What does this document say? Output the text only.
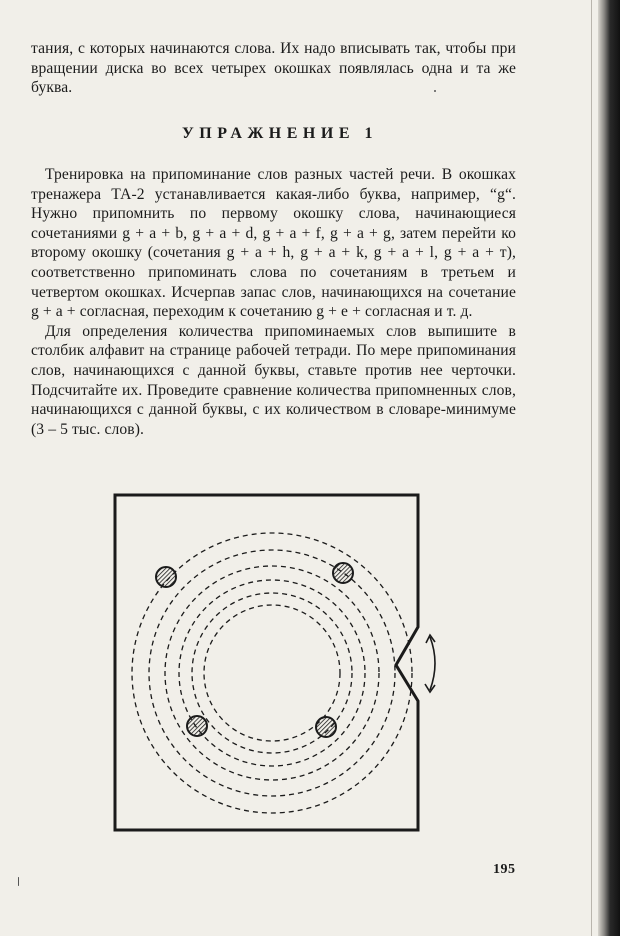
тания, с которых начинаются слова. Их надо вписывать так, чтобы при вращении диска во всех четырех окошках появлялась одна и та же буква.

УПРАЖНЕНИЕ 1

Тренировка на припоминание слов разных частей речи. В окошках тренажера ТА-2 устанавливается какая-либо буква, например, “g“. Нужно припомнить по первому окошку слова, начинающиеся сочетаниями g + a + b, g + a + d, g + a + f, g + a + g, затем перейти ко второму окошку (сочетания g + a + h, g + a + k, g + a + l, g + a + т), соответственно припоминать слова по сочетаниям в третьем и четвертом окошках. Исчерпав запас слов, начинающихся на сочетание g + a + согласная, переходим к сочетанию g + e + согласная и т. д.

Для определения количества припоминаемых слов выпишите в столбик алфавит на странице рабочей тетради. По мере припоминания слов, начинающихся с данной буквы, ставьте против нее черточки. Подсчитайте их. Проведите сравнение количества припомненных слов, начинающихся с данной буквы, с их количеством в словаре-минимуме (3 – 5 тыс. слов).

195
